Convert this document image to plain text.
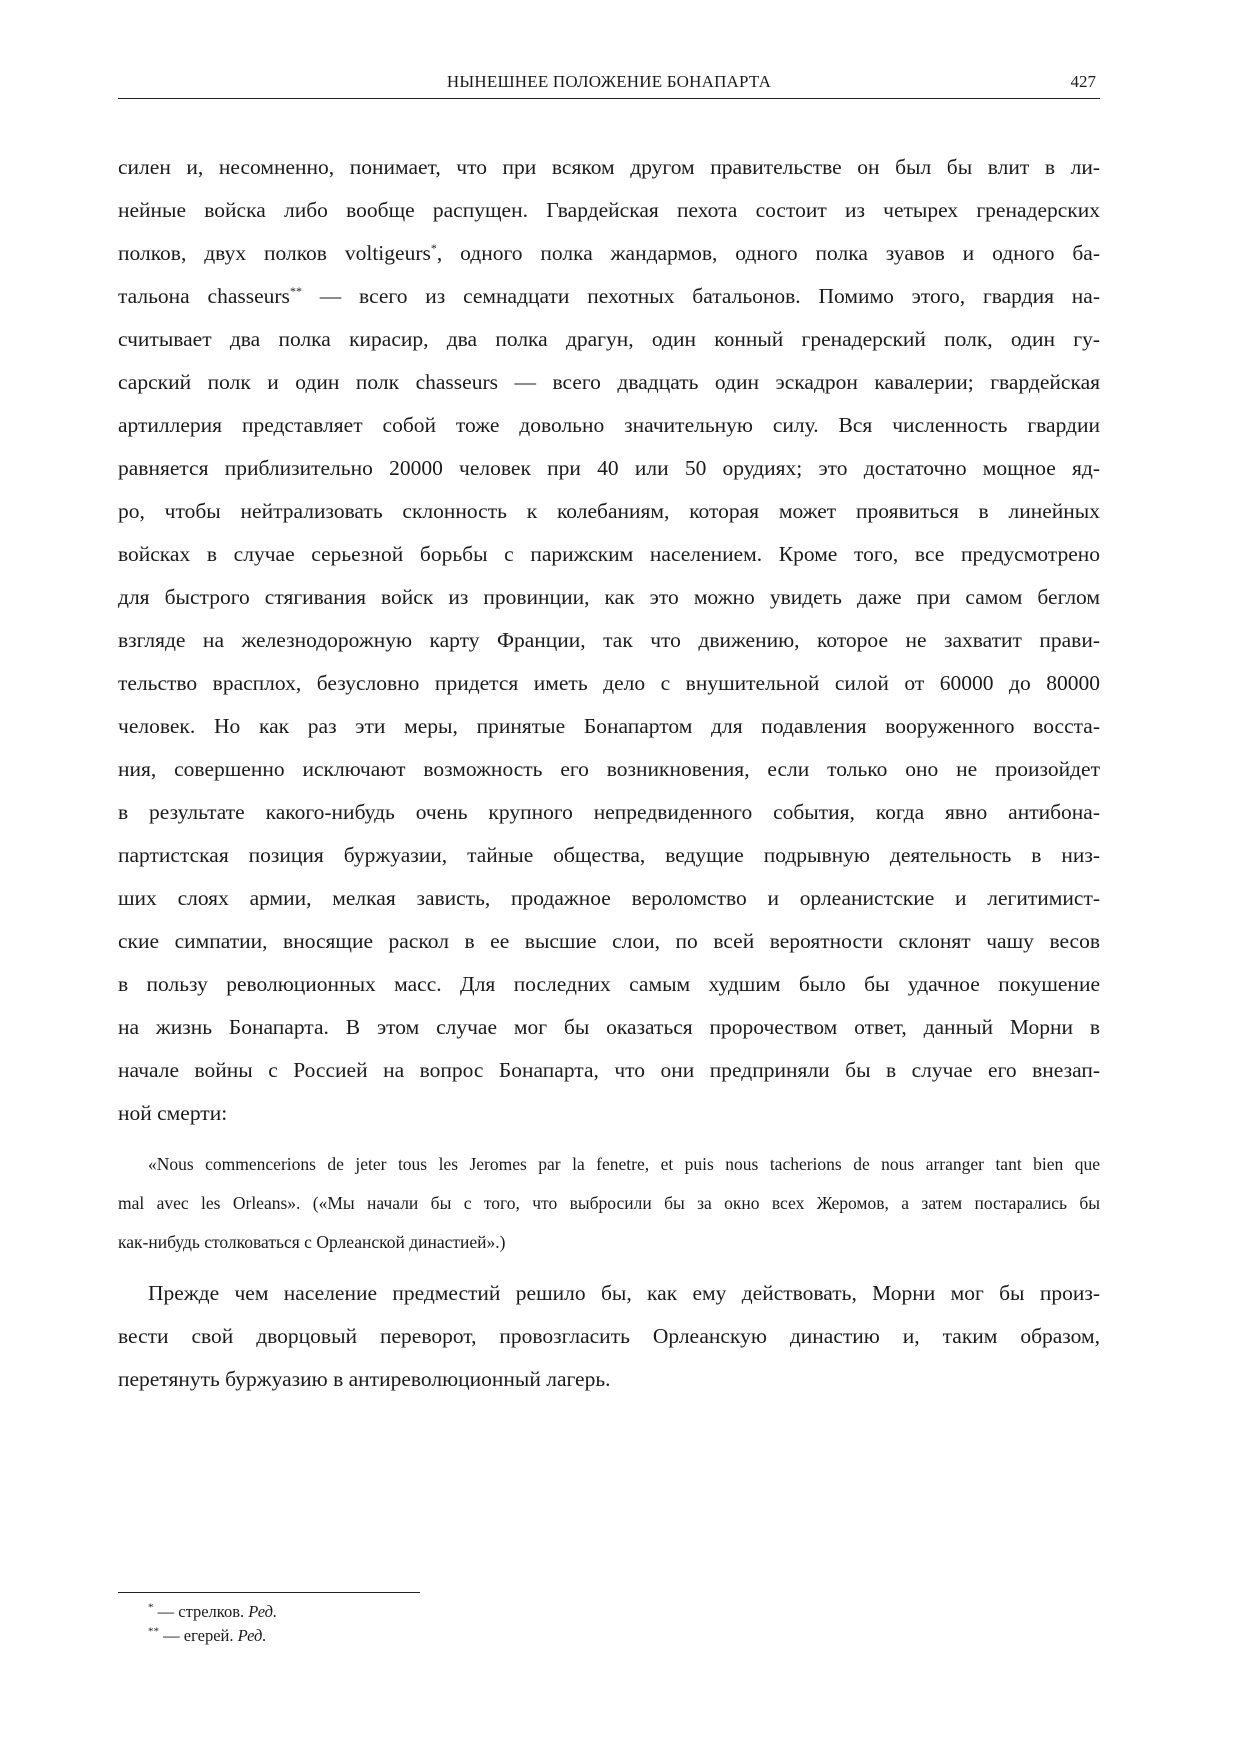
НЫНЕШНЕЕ ПОЛОЖЕНИЕ БОНАПАРТА	427

силен и, несомненно, понимает, что при всяком другом правительстве он был бы влит в ли-
нейные войска либо вообще распущен. Гвардейская пехота состоит из четырех гренадерских
полков, двух полков voltigeurs*, одного полка жандармов, одного полка зуавов и одного ба-
тальона chasseurs** — всего из семнадцати пехотных батальонов. Помимо этого, гвардия на-
считывает два полка кирасир, два полка драгун, один конный гренадерский полк, один гу-
сарский полк и один полк chasseurs — всего двадцать один эскадрон кавалерии; гвардейская
артиллерия представляет собой тоже довольно значительную силу. Вся численность гвардии
равняется приблизительно 20000 человек при 40 или 50 орудиях; это достаточно мощное яд-
ро, чтобы нейтрализовать склонность к колебаниям, которая может проявиться в линейных
войсках в случае серьезной борьбы с парижским населением. Кроме того, все предусмотрено
для быстрого стягивания войск из провинции, как это можно увидеть даже при самом беглом
взгляде на железнодорожную карту Франции, так что движению, которое не захватит прави-
тельство врасплох, безусловно придется иметь дело с внушительной силой от 60000 до 80000
человек. Но как раз эти меры, принятые Бонапартом для подавления вооруженного восста-
ния, совершенно исключают возможность его возникновения, если только оно не произойдет
в результате какого-нибудь очень крупного непредвиденного события, когда явно антибона-
партистская позиция буржуазии, тайные общества, ведущие подрывную деятельность в низ-
ших слоях армии, мелкая зависть, продажное вероломство и орлеанистские и легитимист-
ские симпатии, вносящие раскол в ее высшие слои, по всей вероятности склонят чашу весов
в пользу революционных масс. Для последних самым худшим было бы удачное покушение
на жизнь Бонапарта. В этом случае мог бы оказаться пророчеством ответ, данный Морни в
начале войны с Россией на вопрос Бонапарта, что они предприняли бы в случае его внезап-
ной смерти:

«Nous commencerions de jeter tous les Jeromes par la fenetre, et puis nous tacherions de nous arranger tant bien que
mal avec les Orleans». («Мы начали бы с того, что выбросили бы за окно всех Жеромов, а затем постарались бы
как-нибудь столковаться с Орлеанской династией».)

Прежде чем население предместий решило бы, как ему действовать, Морни мог бы произ-
вести свой дворцовый переворот, провозгласить Орлеанскую династию и, таким образом,
перетянуть буржуазию в антиреволюционный лагерь.

* — стрелков. Ред.
** — егерей. Ред.
